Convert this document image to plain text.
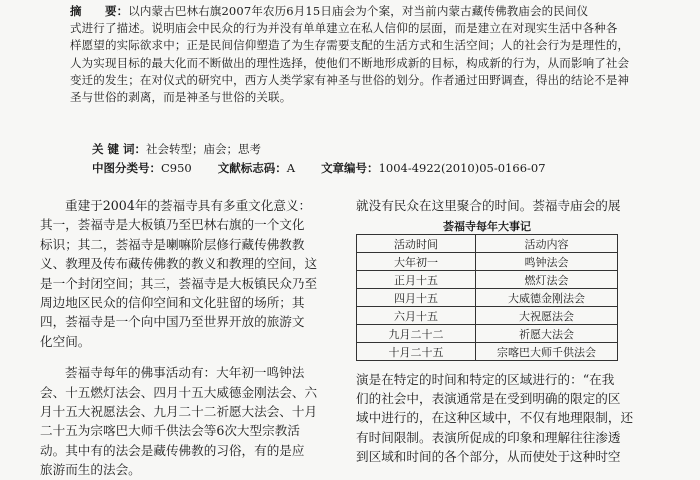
摘　　要：以内蒙古巴林右旗2007年农历6月15日庙会为个案，对当前内蒙古藏传佛教庙会的民间仪
式进行了描述。说明庙会中民众的行为并没有单单建立在私人信仰的层面，而是建立在对现实生活中各种各
样愿望的实际欲求中；正是民间信仰塑造了为生存需要支配的生活方式和生活空间；人的社会行为是理性的，
人为实现目标的最大化而不断做出的理性选择，使他们不断地形成新的目标，构成新的行为，从而影响了社会
变迁的发生；在对仪式的研究中，西方人类学家有神圣与世俗的划分。作者通过田野调查，得出的结论不是神
圣与世俗的剥离，而是神圣与世俗的关联。
关 键 词：社会转型；庙会；思考
中图分类号：C950 文献标志码：A 文章编号：1004-4922(2010)05-0166-07

重建于2004年的荟福寺具有多重文化意义：

其一，荟福寺是大板镇乃至巴林右旗的一个文化

标识；其二，荟福寺是喇嘛阶层修行藏传佛教教

义、教理及传布藏传佛教的教义和教理的空间，这

是一个封闭空间；其三，荟福寺是大板镇民众乃至

周边地区民众的信仰空间和文化驻留的场所；其

四，荟福寺是一个向中国乃至世界开放的旅游文

化空间。

荟福寺每年的佛事活动有：大年初一鸣钟法

会、十五燃灯法会、四月十五大威德金刚法会、六

月十五大祝愿法会、九月二十二祈愿大法会、十月

二十五为宗喀巴大师千供法会等6次大型宗教活

动。其中有的法会是藏传佛教的习俗，有的是应

旅游而生的法会。

就没有民众在这里聚合的时间。荟福寺庙会的展

荟福寺每年大事记
活动时间	活动内容
大年初一	鸣钟法会
正月十五	燃灯法会
四月十五	大威德金刚法会
六月十五	大祝愿法会
九月二十二	祈愿大法会
十月二十五	宗喀巴大师千供法会

演是在特定的时间和特定的区域进行的：“在我

们的社会中，表演通常是在受到明确的限定的区

域中进行的，在这种区域中，不仅有地理限制，还

有时间限制。表演所促成的印象和理解往往渗透

到区域和时间的各个部分，从而使处于这种时空
